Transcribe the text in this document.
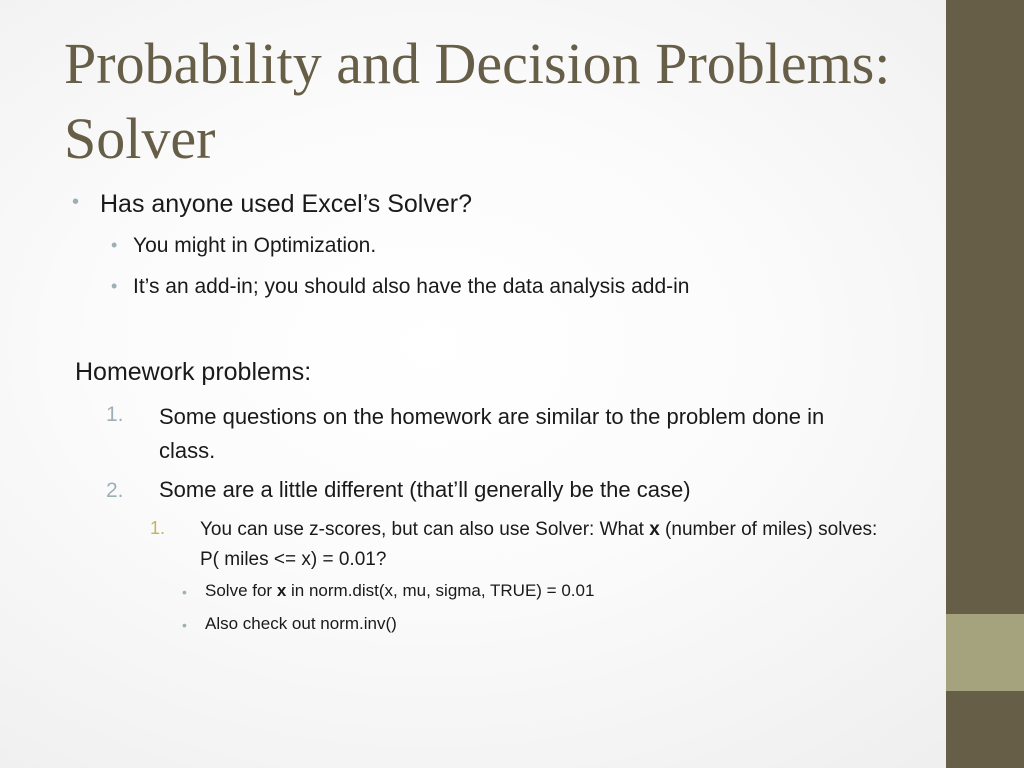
Probability and Decision Problems: Solver
• Has anyone used Excel’s Solver?
• You might in Optimization.
• It’s an add-in; you should also have the data analysis add-in
Homework problems:
1. Some questions on the homework are similar to the problem done in class.
2. Some are a little different (that’ll generally be the case)
1. You can use z-scores, but can also use Solver: What x (number of miles) solves: P( miles <= x) = 0.01?
• Solve for x in norm.dist(x, mu, sigma, TRUE) = 0.01
• Also check out norm.inv()
